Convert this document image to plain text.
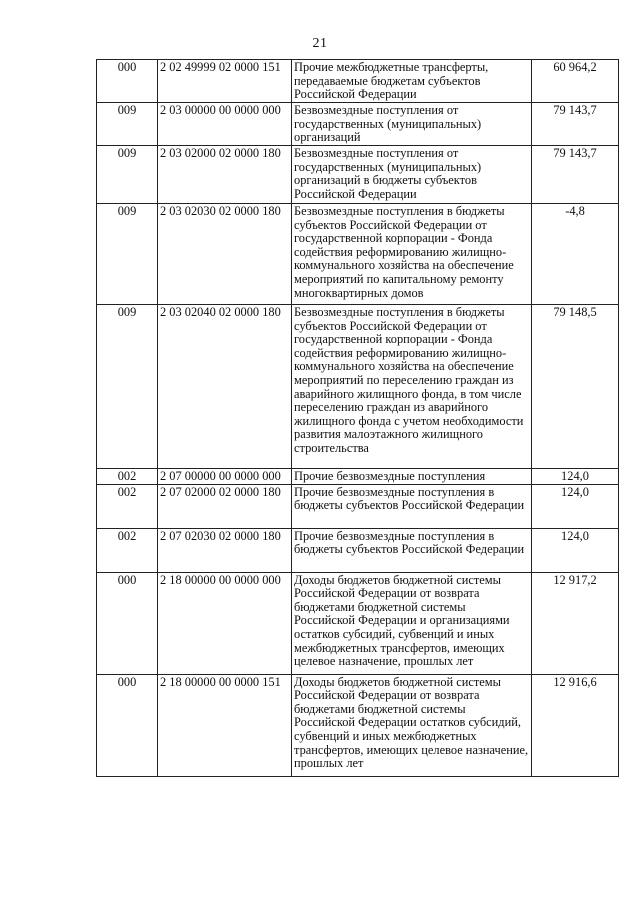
21
000	2 02 49999 02 0000 151	Прочие межбюджетные трансферты, передаваемые бюджетам субъектов Российской Федерации	60 964,2
009	2 03 00000 00 0000 000	Безвозмездные поступления от государственных (муниципальных) организаций	79 143,7
009	2 03 02000 02 0000 180	Безвозмездные поступления от государственных (муниципальных) организаций в бюджеты субъектов Российской Федерации	79 143,7
009	2 03 02030 02 0000 180	Безвозмездные поступления в бюджеты субъектов Российской Федерации от государственной корпорации - Фонда содействия реформированию жилищно-коммунального хозяйства на обеспечение мероприятий по капитальному ремонту многоквартирных домов	-4,8
009	2 03 02040 02 0000 180	Безвозмездные поступления в бюджеты субъектов Российской Федерации от государственной корпорации - Фонда содействия реформированию жилищно-коммунального хозяйства на обеспечение мероприятий по переселению граждан из аварийного жилищного фонда, в том числе переселению граждан из аварийного жилищного фонда с учетом необходимости развития малоэтажного жилищного строительства	79 148,5
002	2 07 00000 00 0000 000	Прочие безвозмездные поступления	124,0
002	2 07 02000 02 0000 180	Прочие безвозмездные поступления в бюджеты субъектов Российской Федерации	124,0
002	2 07 02030 02 0000 180	Прочие безвозмездные поступления в бюджеты субъектов Российской Федерации	124,0
000	2 18 00000 00 0000 000	Доходы бюджетов бюджетной системы Российской Федерации от возврата бюджетами бюджетной системы Российской Федерации и организациями остатков субсидий, субвенций и иных межбюджетных трансфертов, имеющих целевое назначение, прошлых лет	12 917,2
000	2 18 00000 00 0000 151	Доходы бюджетов бюджетной системы Российской Федерации от возврата бюджетами бюджетной системы Российской Федерации остатков субсидий, субвенций и иных межбюджетных трансфертов, имеющих целевое назначение, прошлых лет	12 916,6
